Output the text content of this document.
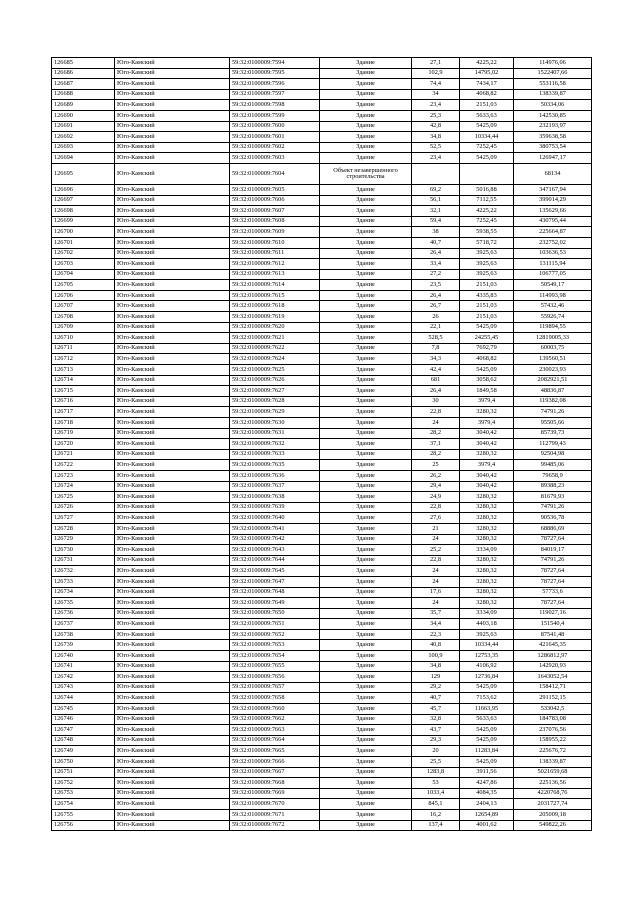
126685	Юго-Камский	59:32:0100009:7594	Здание	27,1	4225,22	114976,06
126686	Юго-Камский	59:32:0100009:7595	Здание	102,9	14795,02	1522407,66
126687	Юго-Камский	59:32:0100009:7596	Здание	74,4	7434,17	553116,58
126688	Юго-Камский	59:32:0100009:7597	Здание	34	4068,82	138339,87
126689	Юго-Камский	59:32:0100009:7598	Здание	23,4	2151,03	50334,06
126690	Юго-Камский	59:32:0100009:7599	Здание	25,3	5633,63	142530,85
126691	Юго-Камский	59:32:0100009:7600	Здание	42,8	5425,09	232193,97
126692	Юго-Камский	59:32:0100009:7601	Здание	34,8	10334,44	359638,58
126693	Юго-Камский	59:32:0100009:7602	Здание	52,5	7252,45	380753,54
126694	Юго-Камский	59:32:0100009:7603	Здание	23,4	5425,09	126947,17
126695	Юго-Камский	59:32:0100009:7604	Объект незавершенного строительства			68134
126696	Юго-Камский	59:32:0100009:7605	Здание	69,2	5016,88	347167,94
126697	Юго-Камский	59:32:0100009:7606	Здание	56,1	7112,55	399014,29
126698	Юго-Камский	59:32:0100009:7607	Здание	32,1	4225,22	135629,66
126699	Юго-Камский	59:32:0100009:7608	Здание	59,4	7252,45	430795,44
126700	Юго-Камский	59:32:0100009:7609	Здание	38	5938,55	225664,87
126701	Юго-Камский	59:32:0100009:7610	Здание	40,7	5718,72	232752,02
126702	Юго-Камский	59:32:0100009:7611	Здание	26,4	3925,63	103636,53
126703	Юго-Камский	59:32:0100009:7612	Здание	33,4	3925,63	131115,94
126704	Юго-Камский	59:32:0100009:7613	Здание	27,2	3925,63	106777,05
126705	Юго-Камский	59:32:0100009:7614	Здание	23,5	2151,03	50549,17
126706	Юго-Камский	59:32:0100009:7615	Здание	26,4	4335,83	114993,98
126707	Юго-Камский	59:32:0100009:7618	Здание	26,7	2151,03	57432,46
126708	Юго-Камский	59:32:0100009:7619	Здание	26	2151,03	55926,74
126709	Юго-Камский	59:32:0100009:7620	Здание	22,1	5425,09	119894,55
126710	Юго-Камский	59:32:0100009:7621	Здание	528,5	24255,45	12819005,33
126711	Юго-Камский	59:32:0100009:7622	Здание	7,8	7692,79	60003,75
126712	Юго-Камский	59:32:0100009:7624	Здание	34,3	4068,82	139560,51
126713	Юго-Камский	59:32:0100009:7625	Здание	42,4	5425,09	230023,93
126714	Юго-Камский	59:32:0100009:7626	Здание	681	3058,62	2082921,51
126715	Юго-Камский	59:32:0100009:7627	Здание	26,4	1849,58	48836,87
126716	Юго-Камский	59:32:0100009:7628	Здание	30	3979,4	119382,08
126717	Юго-Камский	59:32:0100009:7629	Здание	22,8	3280,32	74791,26
126718	Юго-Камский	59:32:0100009:7630	Здание	24	3979,4	95505,66
126719	Юго-Камский	59:32:0100009:7631	Здание	28,2	3040,42	85739,73
126720	Юго-Камский	59:32:0100009:7632	Здание	37,1	3040,42	112799,43
126721	Юго-Камский	59:32:0100009:7633	Здание	28,2	3280,32	92504,98
126722	Юго-Камский	59:32:0100009:7635	Здание	25	3979,4	99485,06
126723	Юго-Камский	59:32:0100009:7636	Здание	26,2	3040,42	79658,9
126724	Юго-Камский	59:32:0100009:7637	Здание	29,4	3040,42	89388,23
126725	Юго-Камский	59:32:0100009:7638	Здание	24,9	3280,32	81679,93
126726	Юго-Камский	59:32:0100009:7639	Здание	22,8	3280,32	74791,26
126727	Юго-Камский	59:32:0100009:7640	Здание	27,6	3280,32	90536,78
126728	Юго-Камский	59:32:0100009:7641	Здание	21	3280,32	68886,69
126729	Юго-Камский	59:32:0100009:7642	Здание	24	3280,32	78727,64
126730	Юго-Камский	59:32:0100009:7643	Здание	25,2	3334,09	84019,17
126731	Юго-Камский	59:32:0100009:7644	Здание	22,8	3280,32	74791,26
126732	Юго-Камский	59:32:0100009:7645	Здание	24	3280,32	78727,64
126733	Юго-Камский	59:32:0100009:7647	Здание	24	3280,32	78727,64
126734	Юго-Камский	59:32:0100009:7648	Здание	17,6	3280,32	57733,6
126735	Юго-Камский	59:32:0100009:7649	Здание	24	3280,32	78727,64
126736	Юго-Камский	59:32:0100009:7650	Здание	35,7	3334,09	119027,16
126737	Юго-Камский	59:32:0100009:7651	Здание	34,4	4403,18	151540,4
126738	Юго-Камский	59:32:0100009:7652	Здание	22,3	3925,63	87541,48
126739	Юго-Камский	59:32:0100009:7653	Здание	40,8	10334,44	421645,35
126740	Юго-Камский	59:32:0100009:7654	Здание	100,9	12753,35	1286812,97
126741	Юго-Камский	59:32:0100009:7655	Здание	34,8	4106,92	142920,93
126742	Юго-Камский	59:32:0100009:7656	Здание	129	12736,84	1643052,54
126743	Юго-Камский	59:32:0100009:7657	Здание	29,2	5425,09	158412,71
126744	Юго-Камский	59:32:0100009:7658	Здание	40,7	7153,62	291152,15
126745	Юго-Камский	59:32:0100009:7660	Здание	45,7	11663,95	533042,5
126746	Юго-Камский	59:32:0100009:7662	Здание	32,8	5633,63	184783,08
126747	Юго-Камский	59:32:0100009:7663	Здание	43,7	5425,09	237076,56
126748	Юго-Камский	59:32:0100009:7664	Здание	29,3	5425,09	158955,22
126749	Юго-Камский	59:32:0100009:7665	Здание	20	11283,84	225676,72
126750	Юго-Камский	59:32:0100009:7666	Здание	25,5	5425,09	138339,87
126751	Юго-Камский	59:32:0100009:7667	Здание	1283,8	3911,56	5021659,68
126752	Юго-Камский	59:32:0100009:7668	Здание	53	4247,86	225136,56
126753	Юго-Камский	59:32:0100009:7669	Здание	1033,4	4084,35	4220768,76
126754	Юго-Камский	59:32:0100009:7670	Здание	845,1	2404,13	2031727,74
126755	Юго-Камский	59:32:0100009:7671	Здание	16,2	12654,89	205009,18
126756	Юго-Камский	59:32:0100009:7672	Здание	137,4	4001,62	549822,26
